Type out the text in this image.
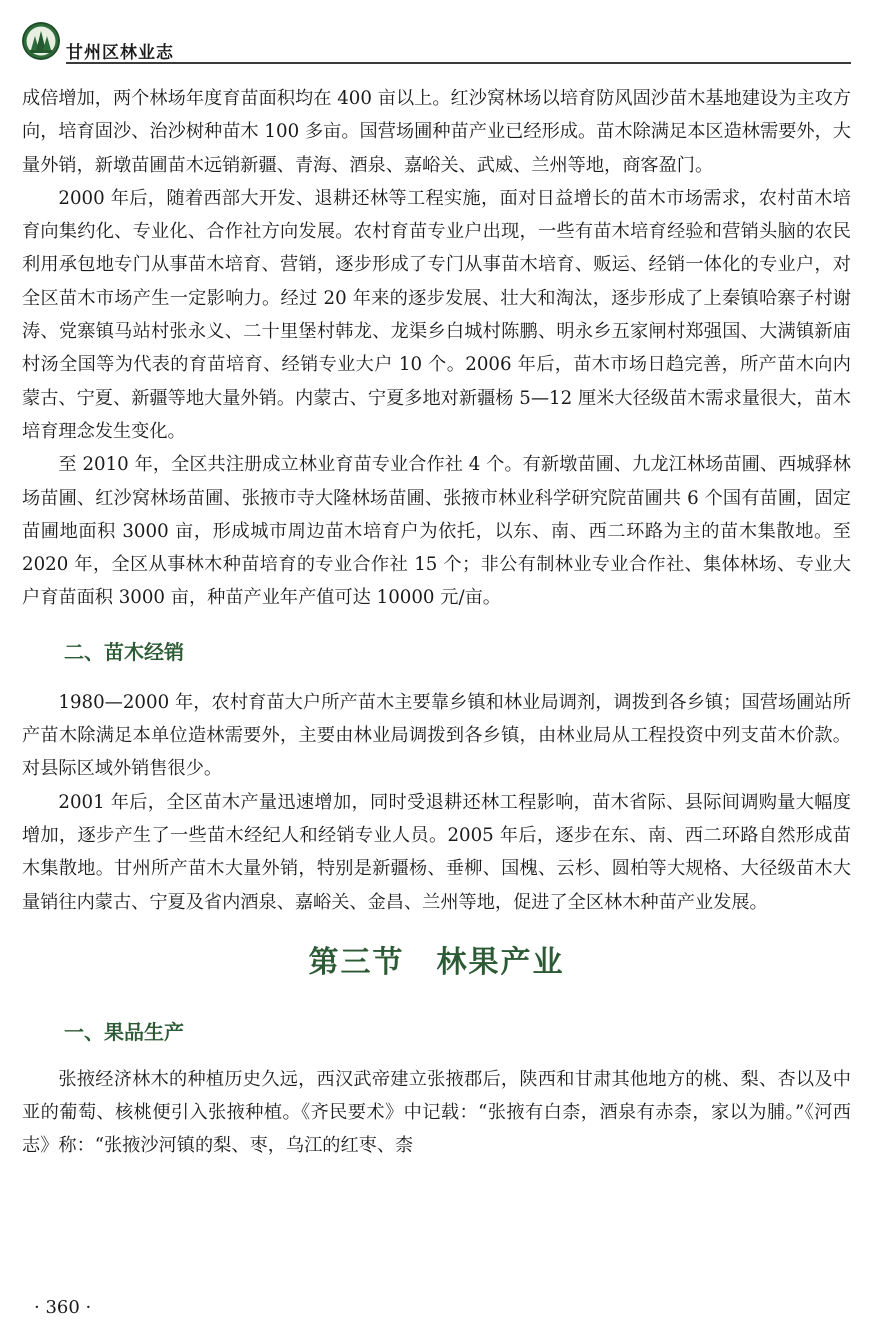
甘州区林业志

成倍增加，两个林场年度育苗面积均在 400 亩以上。红沙窝林场以培育防风固沙苗木基地建设为主攻方向，培育固沙、治沙树种苗木 100 多亩。国营场圃种苗产业已经形成。苗木除满足本区造林需要外，大量外销，新墩苗圃苗木远销新疆、青海、酒泉、嘉峪关、武威、兰州等地，商客盈门。

2000 年后，随着西部大开发、退耕还林等工程实施，面对日益增长的苗木市场需求，农村苗木培育向集约化、专业化、合作社方向发展。农村育苗专业户出现，一些有苗木培育经验和营销头脑的农民利用承包地专门从事苗木培育、营销，逐步形成了专门从事苗木培育、贩运、经销一体化的专业户，对全区苗木市场产生一定影响力。经过 20 年来的逐步发展、壮大和淘汰，逐步形成了上秦镇哈寨子村谢涛、党寨镇马站村张永义、二十里堡村韩龙、龙渠乡白城村陈鹏、明永乡五家闸村郑强国、大满镇新庙村汤全国等为代表的育苗培育、经销专业大户 10 个。2006 年后，苗木市场日趋完善，所产苗木向内蒙古、宁夏、新疆等地大量外销。内蒙古、宁夏多地对新疆杨 5—12 厘米大径级苗木需求量很大，苗木培育理念发生变化。

至 2010 年，全区共注册成立林业育苗专业合作社 4 个。有新墩苗圃、九龙江林场苗圃、西城驿林场苗圃、红沙窝林场苗圃、张掖市寺大隆林场苗圃、张掖市林业科学研究院苗圃共 6 个国有苗圃，固定苗圃地面积 3000 亩，形成城市周边苗木培育户为依托，以东、南、西二环路为主的苗木集散地。至 2020 年，全区从事林木种苗培育的专业合作社 15 个；非公有制林业专业合作社、集体林场、专业大户育苗面积 3000 亩，种苗产业年产值可达 10000 元/亩。

二、苗木经销

1980—2000 年，农村育苗大户所产苗木主要靠乡镇和林业局调剂，调拨到各乡镇；国营场圃站所产苗木除满足本单位造林需要外，主要由林业局调拨到各乡镇，由林业局从工程投资中列支苗木价款。对县际区域外销售很少。

2001 年后，全区苗木产量迅速增加，同时受退耕还林工程影响，苗木省际、县际间调购量大幅度增加，逐步产生了一些苗木经纪人和经销专业人员。2005 年后，逐步在东、南、西二环路自然形成苗木集散地。甘州所产苗木大量外销，特别是新疆杨、垂柳、国槐、云杉、圆柏等大规格、大径级苗木大量销往内蒙古、宁夏及省内酒泉、嘉峪关、金昌、兰州等地，促进了全区林木种苗产业发展。

第三节　林果产业
一、果品生产

张掖经济林木的种植历史久远，西汉武帝建立张掖郡后，陕西和甘肃其他地方的桃、梨、杏以及中亚的葡萄、核桃便引入张掖种植。《齐民要术》中记载：“张掖有白柰，酒泉有赤柰，家以为脯。”《河西志》称：“张掖沙河镇的梨、枣，乌江的红枣、柰

· 360 ·
